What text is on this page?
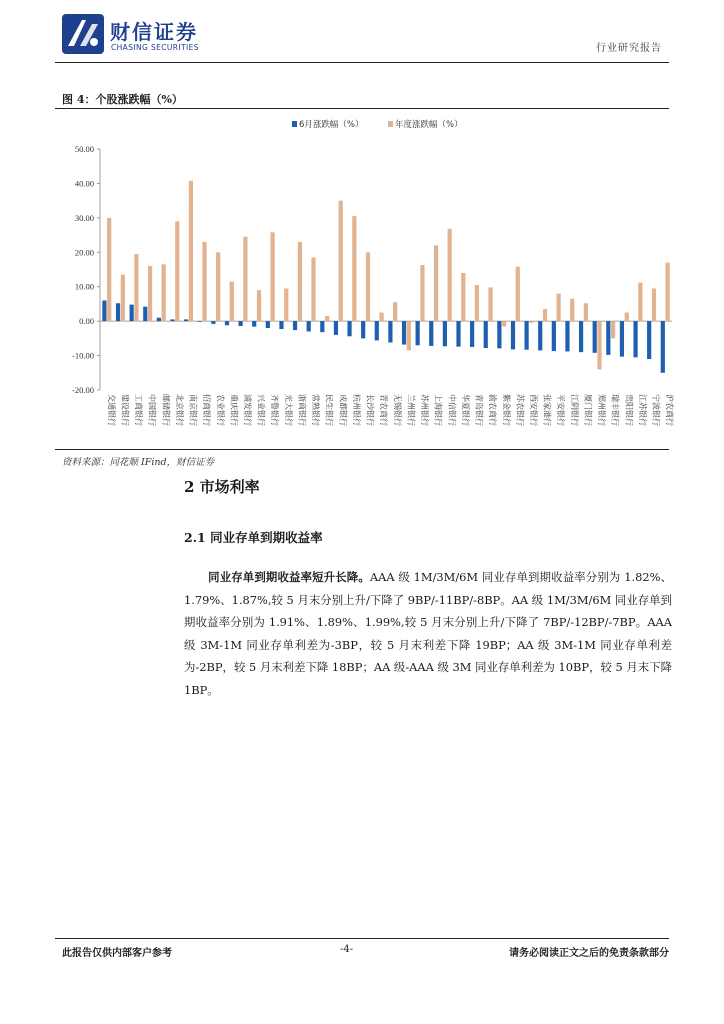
财信证券
CHASING SECURITIES	行业研究报告
图 4：个股涨跌幅（%）
50.00
40.00
30.00
20.00
10.00
0.00
-10.00
-20.00
6月涨跌幅（%）	年度涨跌幅（%）
交通银行 建设银行 工商银行 中国银行 邮储银行 北京银行 南京银行 招商银行 农业银行 重庆银行 浦发银行 兴业银行 齐鲁银行 光大银行 浙商银行 常熟银行 民生银行 成都银行 杭州银行 长沙银行 青农商行 无锡银行 兰州银行 苏州银行 上海银行 中信银行 华夏银行 青岛银行 渝农商行 紫金银行 苏农银行 西安银行 张家港行 平安银行 江阴银行 厦门银行 郑州银行 瑞丰银行 贵阳银行 江苏银行 宁波银行 沪农商行
资料来源：同花顺 IFind，财信证券
2 市场利率
2.1 同业存单到期收益率
同业存单到期收益率短升长降。AAA 级 1M/3M/6M 同业存单到期收益率分别为 1.82%、1.79%、1.87%,较 5 月末分别上升/下降了 9BP/-11BP/-8BP。AA 级 1M/3M/6M 同业存单到期收益率分别为 1.91%、1.89%、1.99%,较 5 月末分别上升/下降了 7BP/-12BP/-7BP。AAA 级 3M-1M 同业存单利差为-3BP，较 5 月末利差下降 19BP；AA 级 3M-1M 同业存单利差为-2BP，较 5 月末利差下降 18BP；AA 级-AAA 级 3M 同业存单利差为 10BP，较 5 月末下降 1BP。
此报告仅供内部客户参考	-4-	请务必阅读正文之后的免责条款部分
